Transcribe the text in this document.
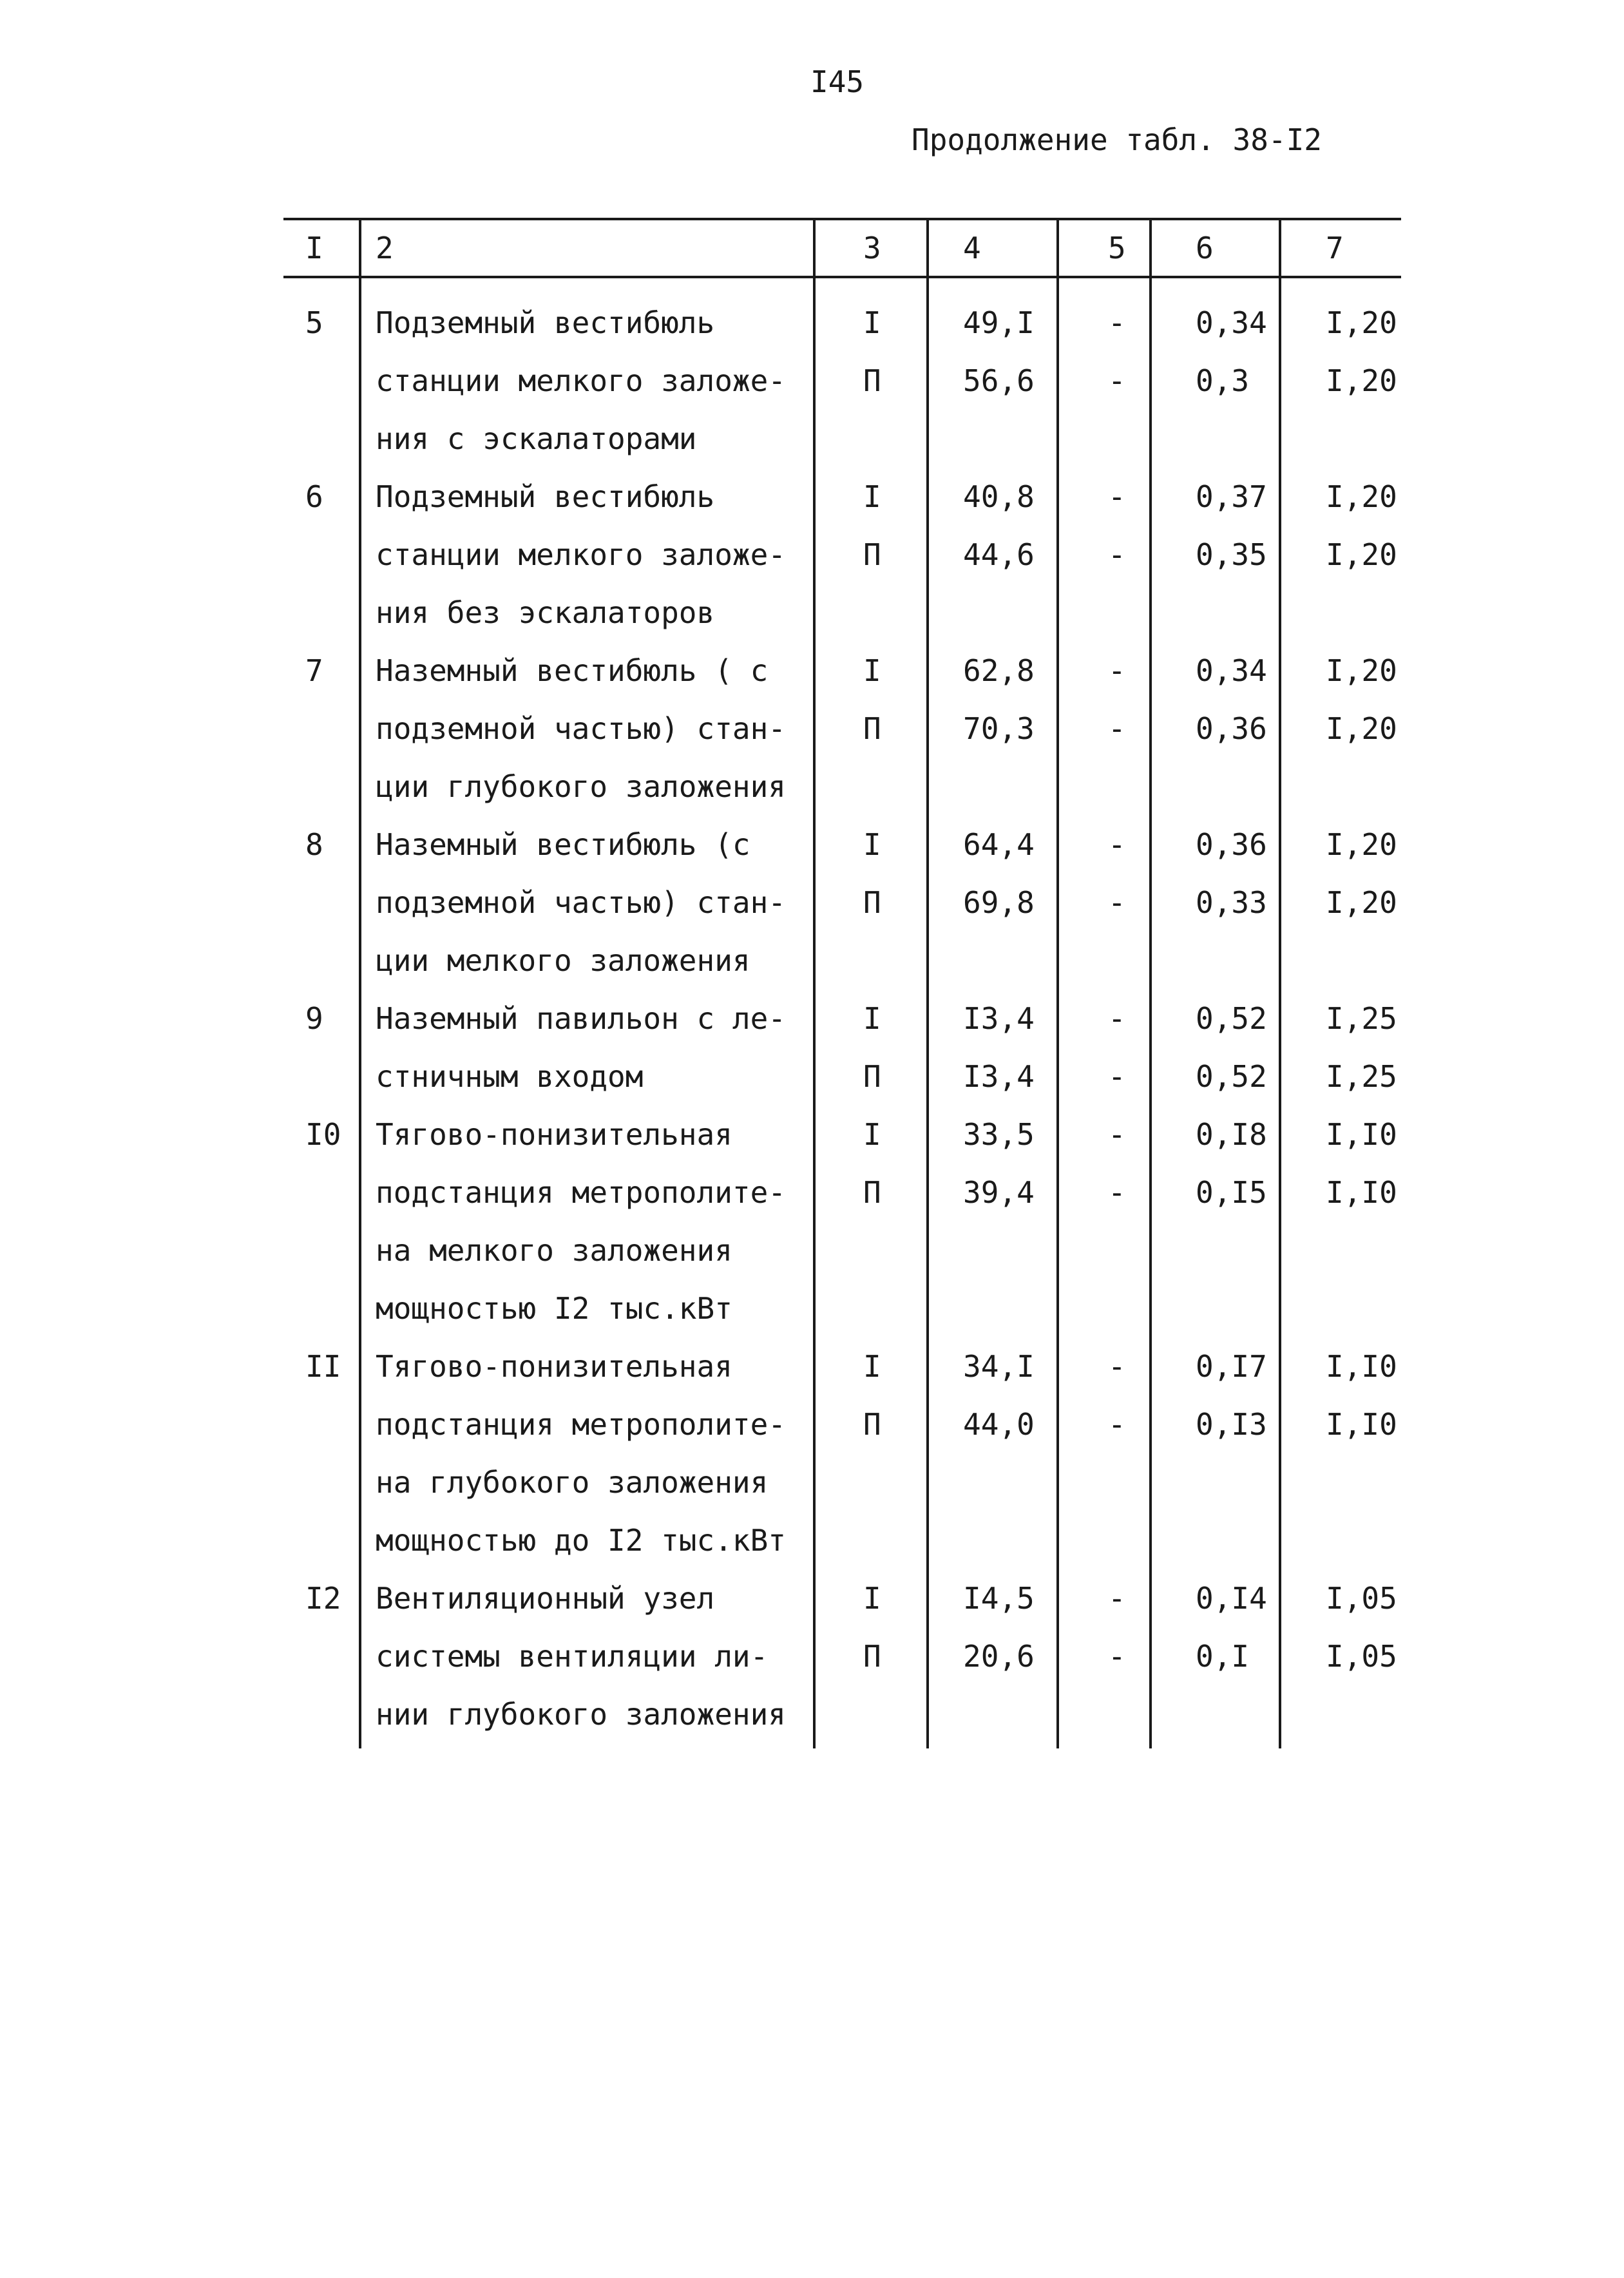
I45
Продолжение табл. 38-I2
I 2	3	4	5 6	7
5 Подземный вестибюль	I	49,I - 0,34 I,20
станции мелкого заложе-	П	56,6 - 0,3	I,20
ния с эскалаторами
6 Подземный вестибюль	I	40,8 - 0,37 I,20
станции мелкого заложе-	П	44,6 - 0,35 I,20
ния без эскалаторов
7 Наземный вестибюль ( с	I	62,8 - 0,34 I,20
подземной частью) стан-	П	70,3 - 0,36 I,20
ции глубокого заложения
8 Наземный вестибюль (с	I	64,4 - 0,36 I,20
подземной частью) стан-	П	69,8 - 0,33 I,20
ции мелкого заложения
9 Наземный павильон с ле-	I	I3,4 - 0,52 I,25
стничным входом	П	I3,4 - 0,52 I,25
I0 Тягово-понизительная	I	33,5 - 0,I8 I,I0
подстанция метрополите-	П	39,4 - 0,I5 I,I0
на мелкого заложения
мощностью I2 тыс.кВт
II Тягово-понизительная	I	34,I - 0,I7 I,I0
подстанция метрополите-	П	44,0 - 0,I3 I,I0
на глубокого заложения
мощностью до I2 тыс.кВт
I2 Вентиляционный узел	I	I4,5 - 0,I4 I,05
системы вентиляции ли-	П	20,6 - 0,I	I,05
нии глубокого заложения
